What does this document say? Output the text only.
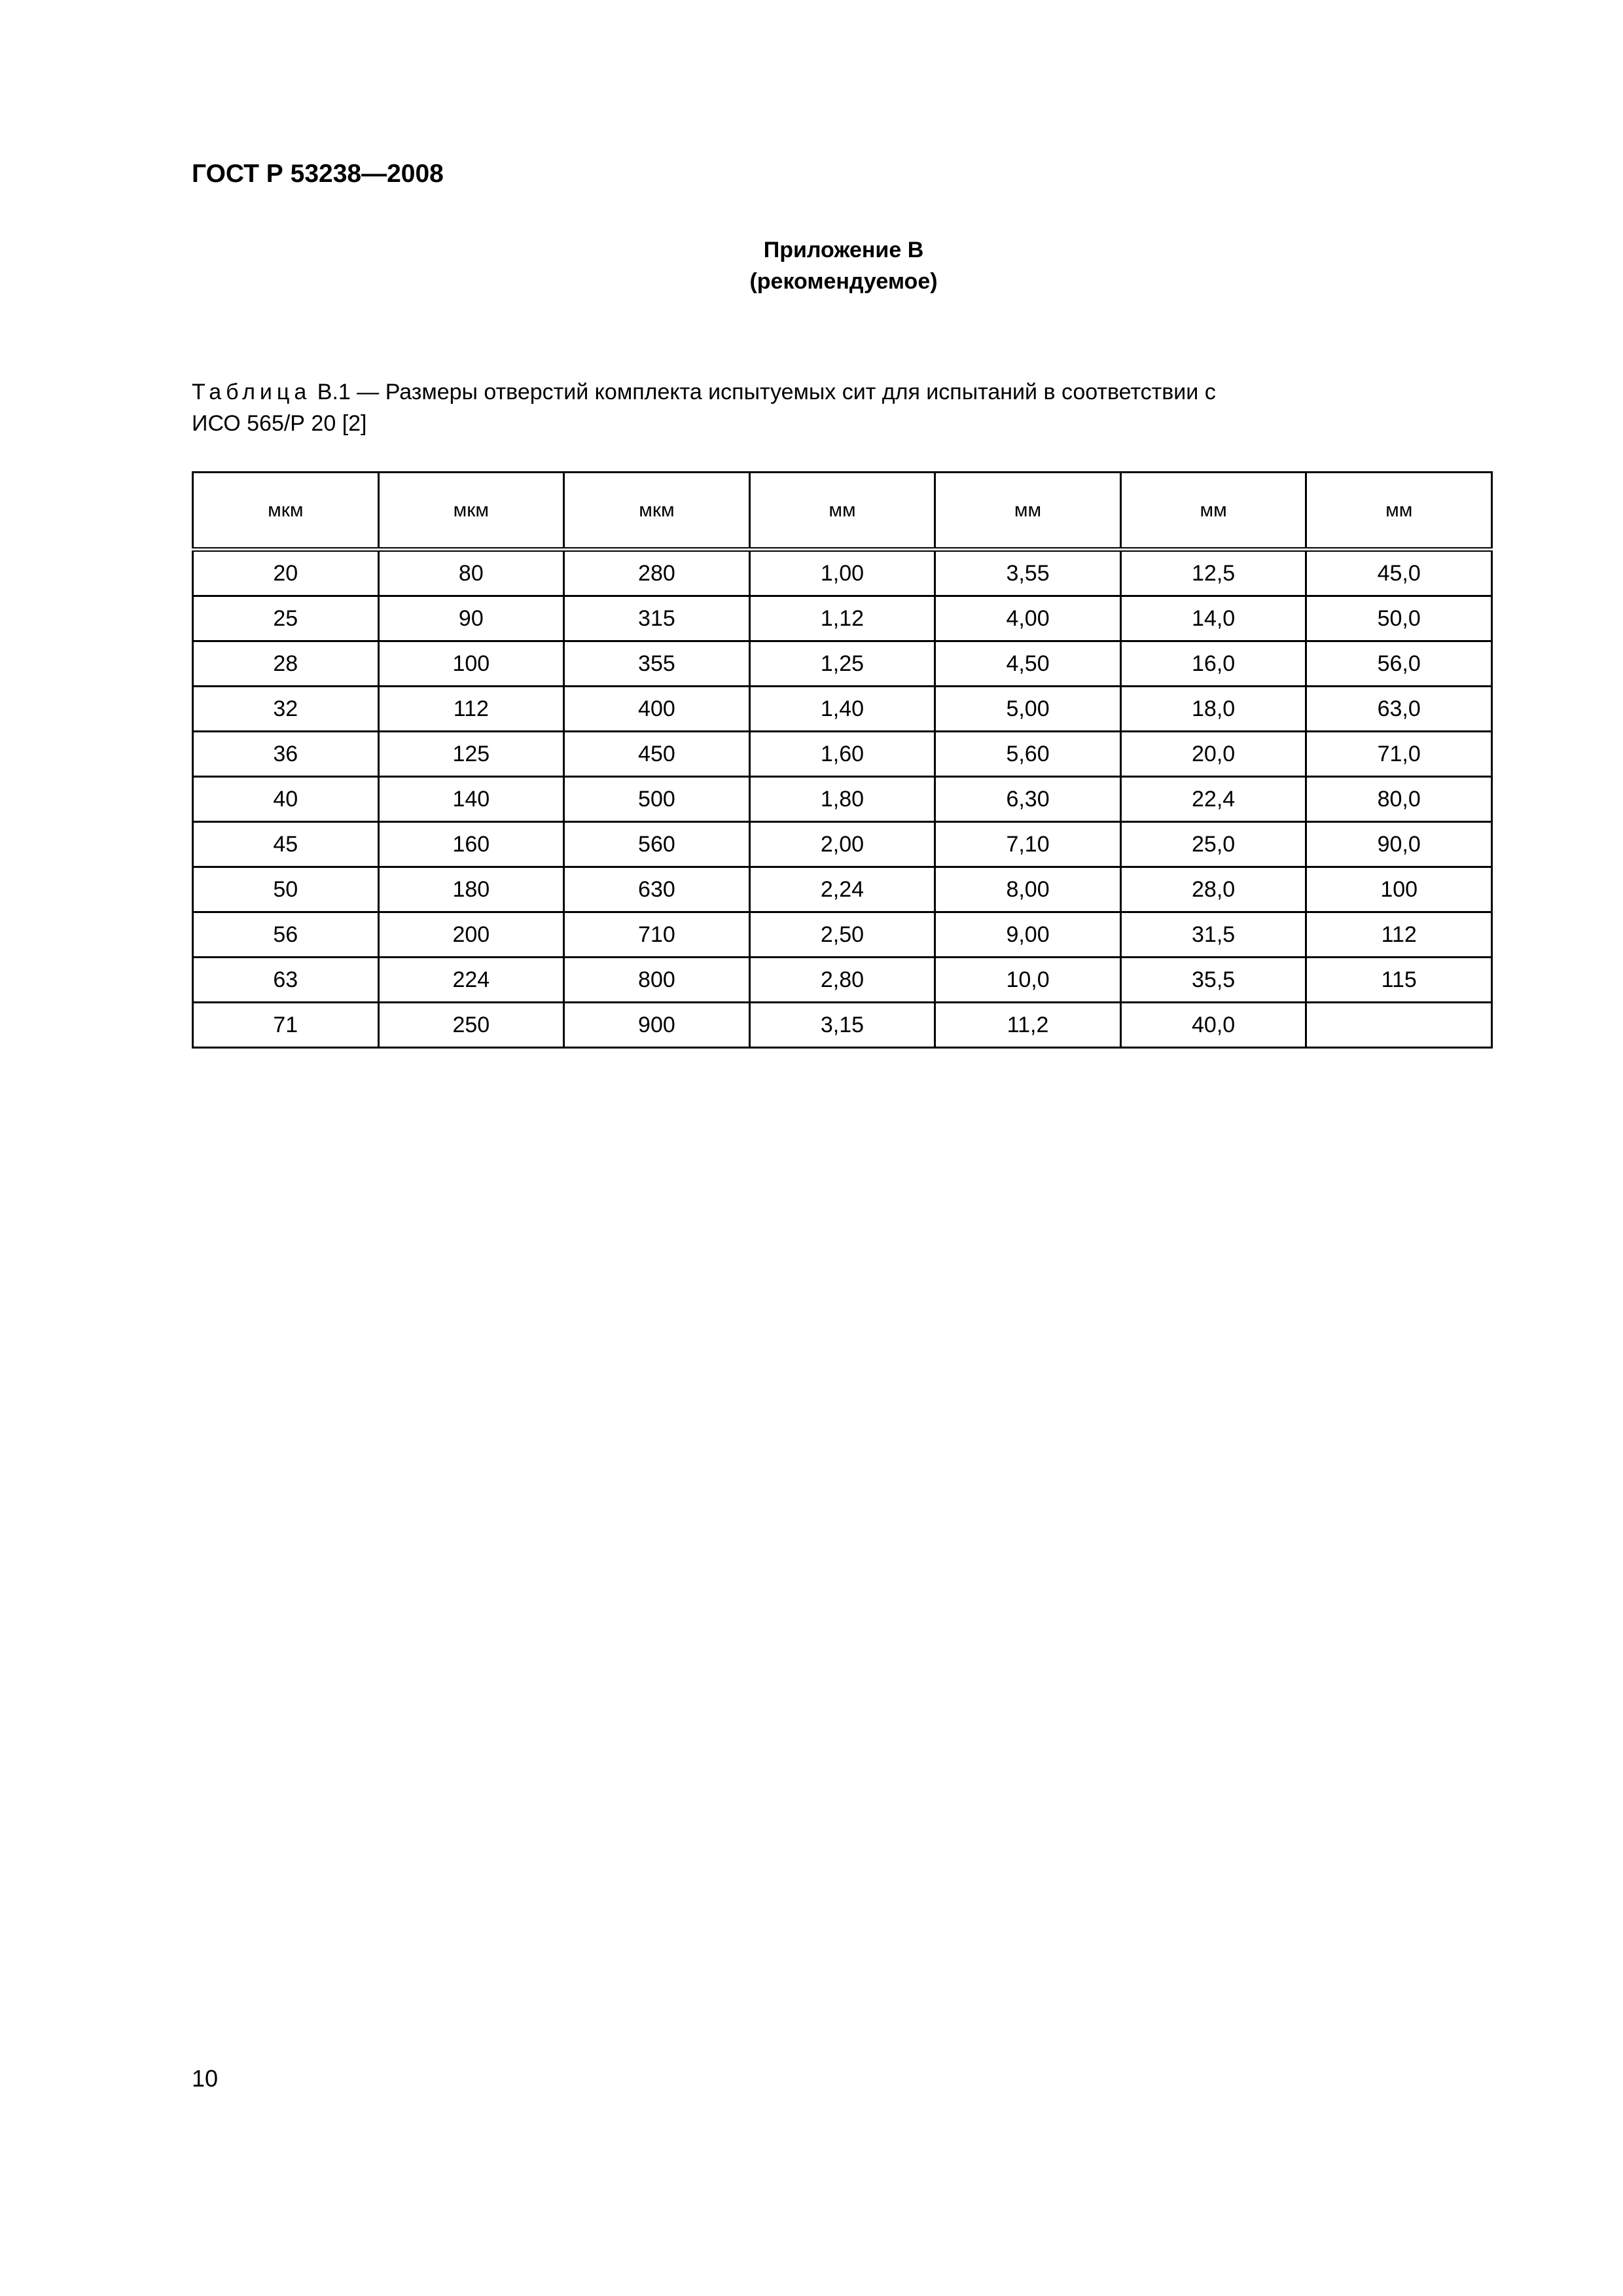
ГОСТ Р 53238—2008
Приложение В
(рекомендуемое)
Таблица В.1 — Размеры отверстий комплекта испытуемых сит для испытаний в соответствии с
ИСО 565/Р 20 [2]
мкм	мкм	мкм	мм	мм	мм	мм
20	80	280	1,00	3,55	12,5	45,0
25	90	315	1,12	4,00	14,0	50,0
28	100	355	1,25	4,50	16,0	56,0
32	112	400	1,40	5,00	18,0	63,0
36	125	450	1,60	5,60	20,0	71,0
40	140	500	1,80	6,30	22,4	80,0
45	160	560	2,00	7,10	25,0	90,0
50	180	630	2,24	8,00	28,0	100
56	200	710	2,50	9,00	31,5	112
63	224	800	2,80	10,0	35,5	115
71	250	900	3,15	11,2	40,0	
10
